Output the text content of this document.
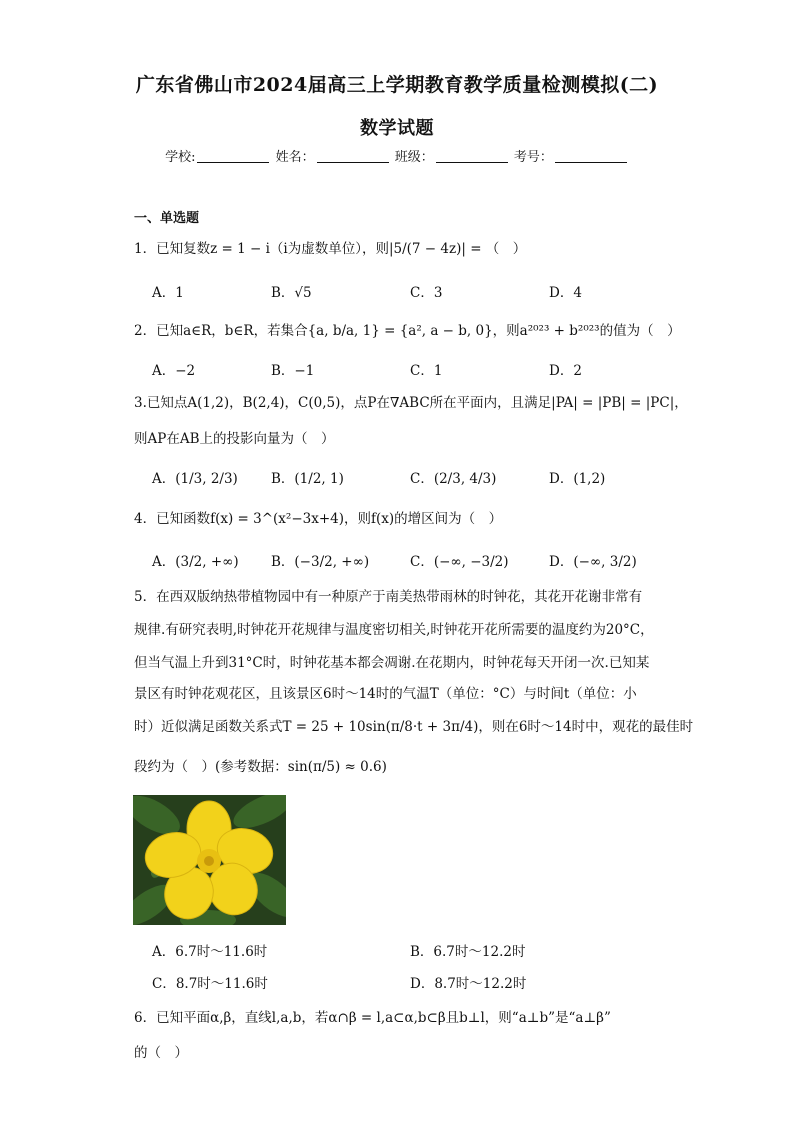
广东省佛山市2024届高三上学期教育教学质量检测模拟(二)
数学试题
学校:	姓名：	班级：	考号：
一、单选题
1．已知复数z = 1 − i（i为虚数单位），则|5/(7 − 4z)| = （　）
A．1	B．√5	C．3	D．4
2．已知a∈R，b∈R，若集合{a, b/a, 1} = {a², a − b, 0}，则a²⁰²³ + b²⁰²³的值为（　）
A．−2	B．−1	C．1	D．2
3.已知点A(1,2)，B(2,4)，C(0,5)，点P在∇ABC所在平面内，且满足|PA| = |PB| = |PC|，
则AP在AB上的投影向量为（　）
A．(1/3, 2/3) B．(1/2, 1)	C．(2/3, 4/3)	D．(1,2)
4．已知函数f(x) = 3^(x²−3x+4)，则f(x)的增区间为（　）
A．(3/2, +∞) B．(−3/2, +∞)	C．(−∞, −3/2)	D．(−∞, 3/2)
5．在西双版纳热带植物园中有一种原产于南美热带雨林的时钟花，其花开花谢非常有
规律.有研究表明,时钟花开花规律与温度密切相关,时钟花开花所需要的温度约为20°C，
但当气温上升到31°C时，时钟花基本都会凋谢.在花期内，时钟花每天开闭一次.已知某
景区有时钟花观花区，且该景区6时～14时的气温T（单位：°C）与时间t（单位：小
时）近似满足函数关系式T = 25 + 10sin(π/8·t + 3π/4)，则在6时～14时中，观花的最佳时
段约为（　）(参考数据：sin(π/5) ≈ 0.6)
A．6.7时～11.6时	B．6.7时～12.2时
C．8.7时～11.6时	D．8.7时～12.2时
6．已知平面α,β，直线l,a,b，若α∩β = l,a⊂α,b⊂β且b⊥l，则“a⊥b”是“a⊥β”
的（　）
